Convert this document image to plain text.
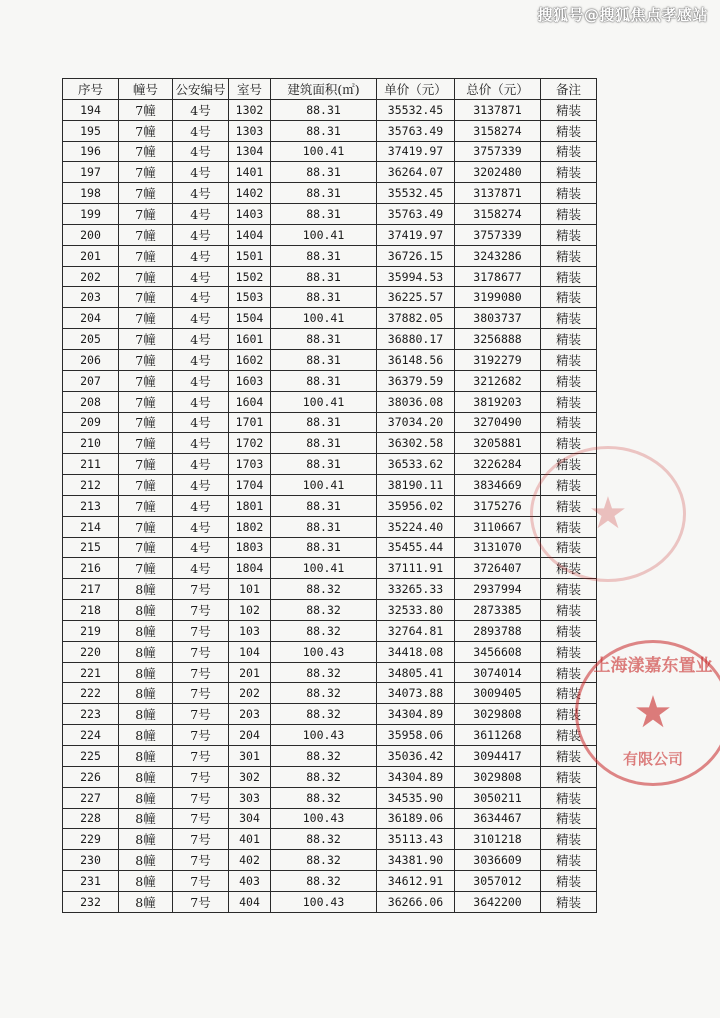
搜狐号@搜狐焦点孝感站
序号	幢号	公安编号	室号	建筑面积(㎡)	单价（元）	总价（元）	备注
194	7幢	4号	1302	88.31	35532.45	3137871	精装
195	7幢	4号	1303	88.31	35763.49	3158274	精装
196	7幢	4号	1304	100.41	37419.97	3757339	精装
197	7幢	4号	1401	88.31	36264.07	3202480	精装
198	7幢	4号	1402	88.31	35532.45	3137871	精装
199	7幢	4号	1403	88.31	35763.49	3158274	精装
200	7幢	4号	1404	100.41	37419.97	3757339	精装
201	7幢	4号	1501	88.31	36726.15	3243286	精装
202	7幢	4号	1502	88.31	35994.53	3178677	精装
203	7幢	4号	1503	88.31	36225.57	3199080	精装
204	7幢	4号	1504	100.41	37882.05	3803737	精装
205	7幢	4号	1601	88.31	36880.17	3256888	精装
206	7幢	4号	1602	88.31	36148.56	3192279	精装
207	7幢	4号	1603	88.31	36379.59	3212682	精装
208	7幢	4号	1604	100.41	38036.08	3819203	精装
209	7幢	4号	1701	88.31	37034.20	3270490	精装
210	7幢	4号	1702	88.31	36302.58	3205881	精装
211	7幢	4号	1703	88.31	36533.62	3226284	精装
212	7幢	4号	1704	100.41	38190.11	3834669	精装
213	7幢	4号	1801	88.31	35956.02	3175276	精装
214	7幢	4号	1802	88.31	35224.40	3110667	精装
215	7幢	4号	1803	88.31	35455.44	3131070	精装
216	7幢	4号	1804	100.41	37111.91	3726407	精装
217	8幢	7号	101	88.32	33265.33	2937994	精装
218	8幢	7号	102	88.32	32533.80	2873385	精装
219	8幢	7号	103	88.32	32764.81	2893788	精装
220	8幢	7号	104	100.43	34418.08	3456608	精装
221	8幢	7号	201	88.32	34805.41	3074014	精装
222	8幢	7号	202	88.32	34073.88	3009405	精装
223	8幢	7号	203	88.32	34304.89	3029808	精装
224	8幢	7号	204	100.43	35958.06	3611268	精装
225	8幢	7号	301	88.32	35036.42	3094417	精装
226	8幢	7号	302	88.32	34304.89	3029808	精装
227	8幢	7号	303	88.32	34535.90	3050211	精装
228	8幢	7号	304	100.43	36189.06	3634467	精装
229	8幢	7号	401	88.32	35113.43	3101218	精装
230	8幢	7号	402	88.32	34381.90	3036609	精装
231	8幢	7号	403	88.32	34612.91	3057012	精装
232	8幢	7号	404	100.43	36266.06	3642200	精装
★
上海漾嘉东置业
★
有限公司
